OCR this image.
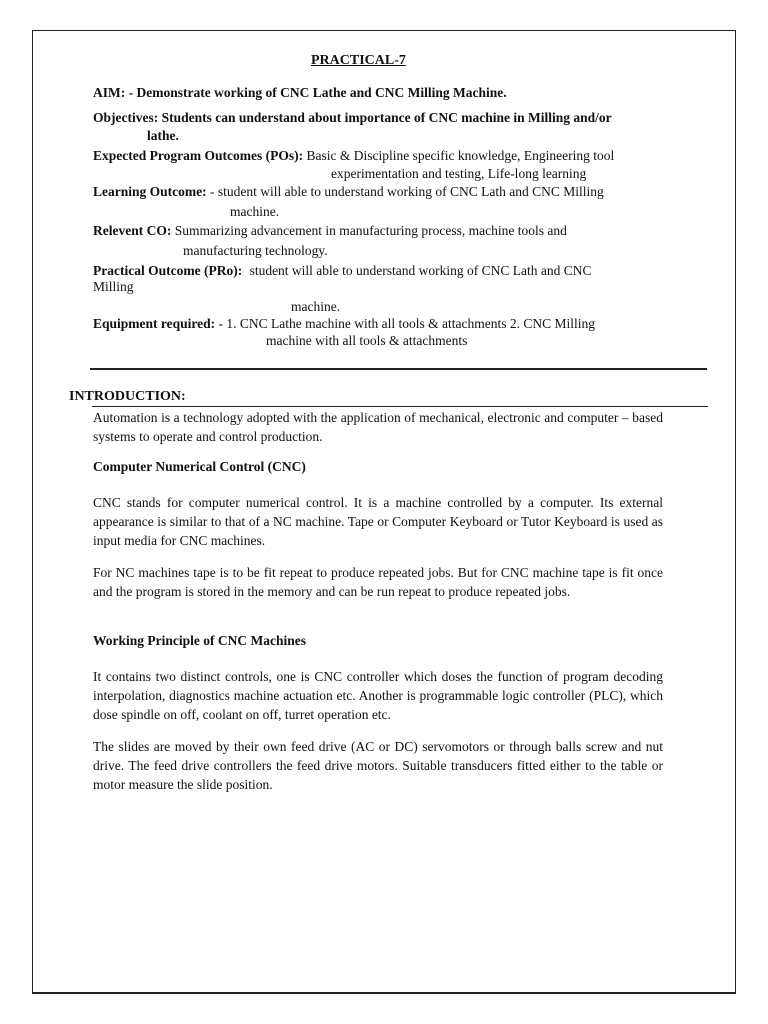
PRACTICAL-7
AIM: - Demonstrate working of CNC Lathe and CNC Milling Machine.
Objectives: Students can understand about importance of CNC machine in Milling and/or
lathe.
Expected Program Outcomes (POs): Basic & Discipline specific knowledge, Engineering tool
experimentation and testing, Life-long learning
Learning Outcome: - student will able to understand working of CNC Lath and CNC Milling
machine.
Relevent CO: Summarizing advancement in manufacturing process, machine tools and
manufacturing technology.
Practical Outcome (PRo): student will able to understand working of CNC Lath and CNC
Milling
machine.
Equipment required: - 1. CNC Lathe machine with all tools & attachments 2. CNC Milling
machine with all tools & attachments
INTRODUCTION:
Automation is a technology adopted with the application of mechanical, electronic and computer – based systems to operate and control production.
Computer Numerical Control (CNC)
CNC stands for computer numerical control. It is a machine controlled by a computer. Its external appearance is similar to that of a NC machine. Tape or Computer Keyboard or Tutor Keyboard is used as input media for CNC machines.
For NC machines tape is to be fit repeat to produce repeated jobs. But for CNC machine tape is fit once and the program is stored in the memory and can be run repeat to produce repeated jobs.
Working Principle of CNC Machines
It contains two distinct controls, one is CNC controller which doses the function of program decoding interpolation, diagnostics machine actuation etc. Another is programmable logic controller (PLC), which dose spindle on off, coolant on off, turret operation etc.
The slides are moved by their own feed drive (AC or DC) servomotors or through balls screw and nut drive. The feed drive controllers the feed drive motors. Suitable transducers fitted either to the table or motor measure the slide position.
